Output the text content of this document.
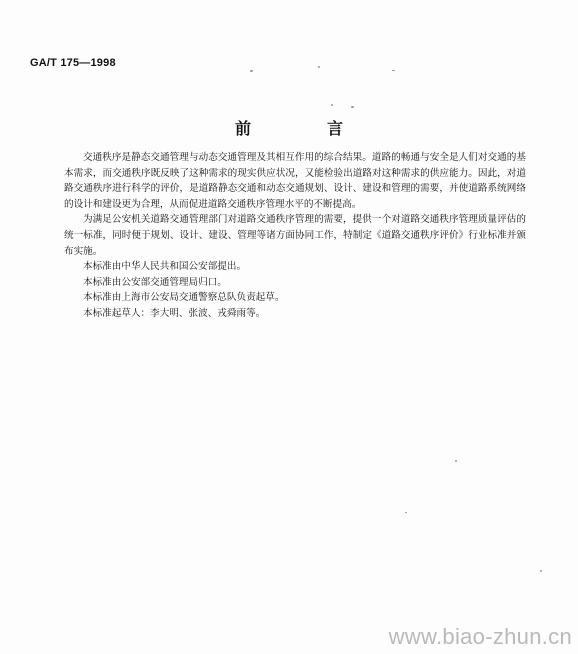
GA/T 175—1998
前　言

交通秩序是静态交通管理与动态交通管理及其相互作用的综合结果。道路的畅通与安全是人们对交通的基本需求，而交通秩序既反映了这种需求的现实供应状况，又能检验出道路对这种需求的供应能力。因此，对道路交通秩序进行科学的评价，是道路静态交通和动态交通规划、设计、建设和管理的需要，并使道路系统网络的设计和建设更为合理，从而促进道路交通秩序管理水平的不断提高。

为满足公安机关道路交通管理部门对道路交通秩序管理的需要，提供一个对道路交通秩序管理质量评估的统一标准，同时便于规划、设计、建设、管理等诸方面协同工作，特制定《道路交通秩序评价》行业标准并颁布实施。

本标准由中华人民共和国公安部提出。

本标准由公安部交通管理局归口。

本标准由上海市公安局交通警察总队负责起草。

本标准起草人：李大明、张波、戎舜雨等。

www.biao-zhun.cn
